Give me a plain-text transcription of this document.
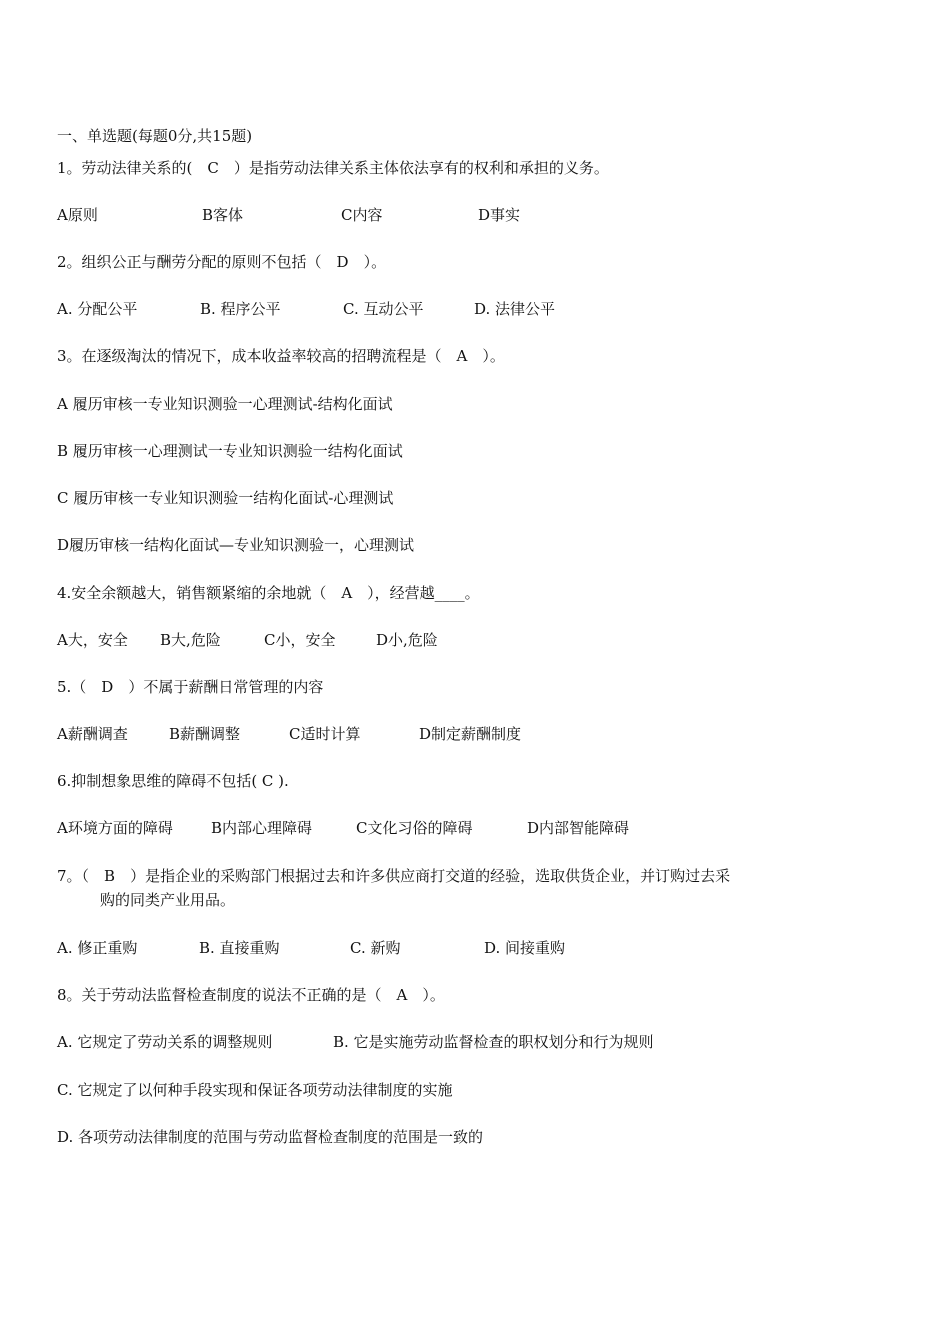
一、单选题(每题0分,共15题)
1。劳动法律关系的(　C　）是指劳动法律关系主体依法享有的权利和承担的义务。
A原则	B客体	C内容	D事实
2。组织公正与酬劳分配的原则不包括（　D　）。
A. 分配公平	B. 程序公平	C. 互动公平	D. 法律公平
3。在逐级淘汰的情况下，成本收益率较高的招聘流程是（　A　）。
A 履历审核一专业知识测验一心理测试-结构化面试
B 履历审核一心理测试一专业知识测验一结构化面试
C 履历审核一专业知识测验一结构化面试-心理测试
D履历审核一结构化面试—专业知识测验一，心理测试
4.安全余额越大，销售额紧缩的余地就（　A　），经营越____。
A大，安全 B大,危险	C小，安全	D小,危险
5.（　D　）不属于薪酬日常管理的内容
A薪酬调查	B薪酬调整	C适时计算	D制定薪酬制度
6.抑制想象思维的障碍不包括( C ).
A环境方面的障碍	B内部心理障碍	C文化习俗的障碍	D内部智能障碍
7。（　B　）是指企业的采购部门根据过去和许多供应商打交道的经验，选取供货企业，并订购过去采
购的同类产业用品。
A. 修正重购	B. 直接重购	C. 新购	D. 间接重购
8。关于劳动法监督检查制度的说法不正确的是（　A　）。
A. 它规定了劳动关系的调整规则	B. 它是实施劳动监督检查的职权划分和行为规则
C. 它规定了以何种手段实现和保证各项劳动法律制度的实施
D. 各项劳动法律制度的范围与劳动监督检查制度的范围是一致的
